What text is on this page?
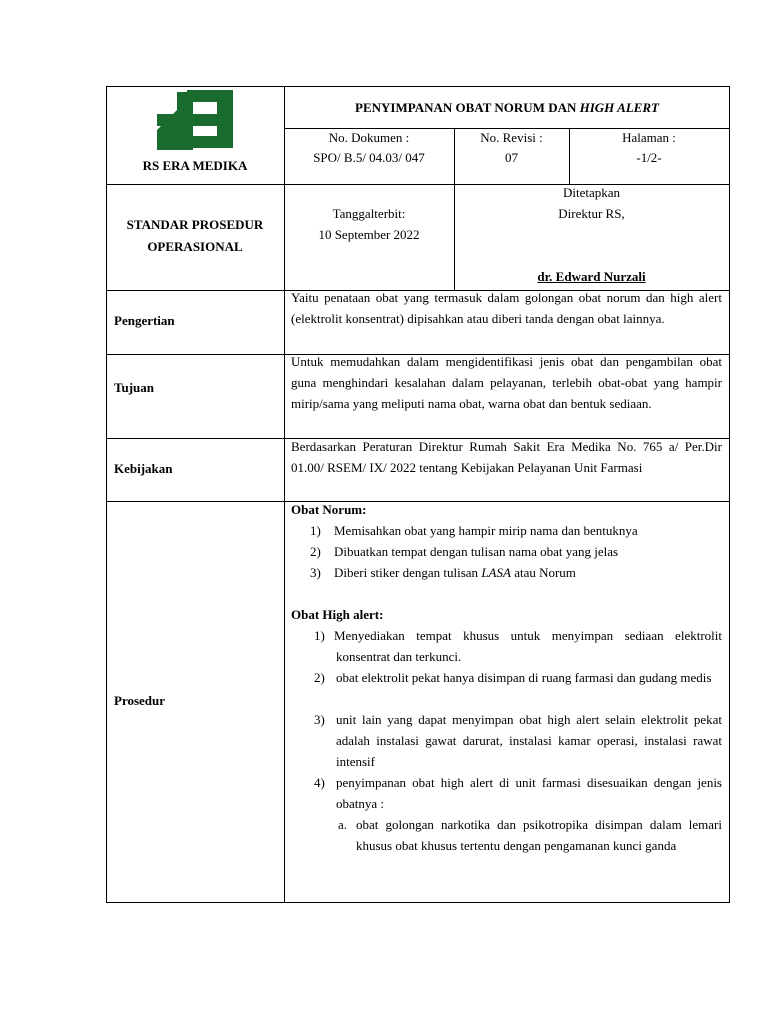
RS ERA MEDIKA
PENYIMPANAN OBAT NORUM DAN HIGH ALERT
No. Dokumen :
SPO/ B.5/ 04.03/ 047
No. Revisi :
07
Halaman :
-1/2-
STANDAR PROSEDUR
OPERASIONAL
Tanggalterbit:
10 September 2022
Ditetapkan
Direktur RS,
dr. Edward Nurzali
Pengertian
Yaitu penataan obat yang termasuk dalam golongan obat norum dan high alert (elektrolit konsentrat) dipisahkan atau diberi tanda dengan obat lainnya.
Tujuan
Untuk memudahkan dalam mengidentifikasi jenis obat dan pengambilan obat guna menghindari kesalahan dalam pelayanan, terlebih obat-obat yang hampir mirip/sama yang meliputi nama obat, warna obat dan bentuk sediaan.
Kebijakan
Berdasarkan Peraturan Direktur Rumah Sakit Era Medika No. 765 a/ Per.Dir 01.00/ RSEM/ IX/ 2022 tentang Kebijakan Pelayanan Unit Farmasi
Prosedur
Obat Norum:
1) Memisahkan obat yang hampir mirip nama dan bentuknya
2) Dibuatkan tempat dengan tulisan nama obat yang jelas
3) Diberi stiker dengan tulisan LASA atau Norum
Obat High alert:
1) Menyediakan tempat khusus untuk menyimpan sediaan elektrolit konsentrat dan terkunci.
2) obat elektrolit pekat hanya disimpan di ruang farmasi dan gudang medis
3) unit lain yang dapat menyimpan obat high alert selain elektrolit pekat adalah instalasi gawat darurat, instalasi kamar operasi, instalasi rawat intensif
4) penyimpanan obat high alert di unit farmasi disesuaikan dengan jenis obatnya :
a. obat golongan narkotika dan psikotropika disimpan dalam lemari khusus obat khusus tertentu dengan pengamanan kunci ganda
